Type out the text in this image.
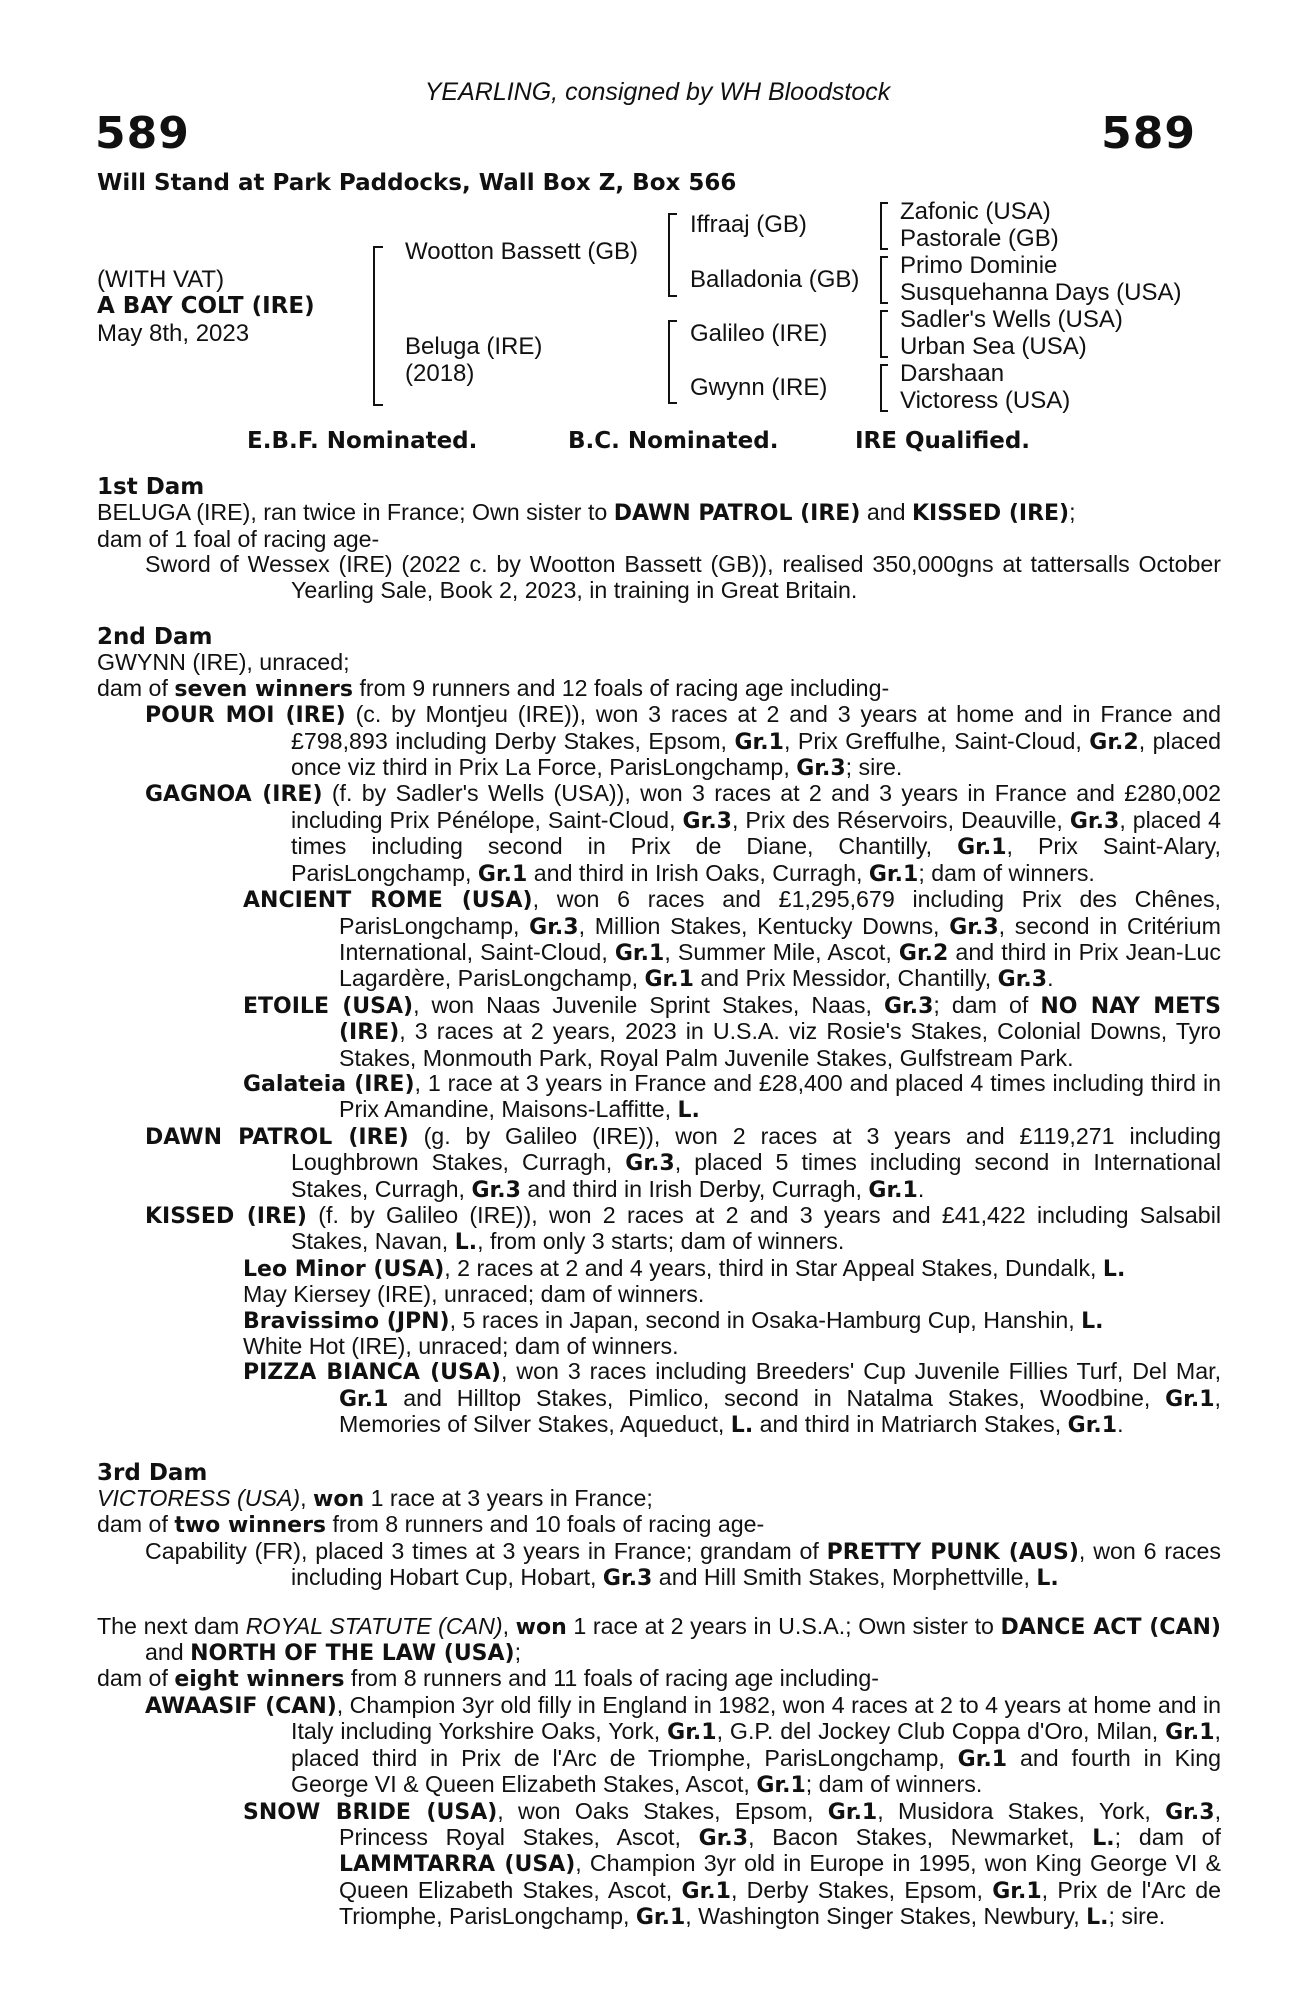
YEARLING, consigned by WH Bloodstock
589	589
Will Stand at Park Paddocks, Wall Box Z, Box 566
(WITH VAT)
A BAY COLT (IRE)
May 8th, 2023
Wootton Bassett (GB)
Beluga (IRE)
(2018)
Iffraaj (GB)
Balladonia (GB)
Galileo (IRE)
Gwynn (IRE)
Zafonic (USA)
Pastorale (GB)
Primo Dominie
Susquehanna Days (USA)
Sadler's Wells (USA)
Urban Sea (USA)
Darshaan
Victoress (USA)
E.B.F. Nominated.	B.C. Nominated.	IRE Qualified.
1st Dam
BELUGA (IRE), ran twice in France; Own sister to DAWN PATROL (IRE) and KISSED (IRE);
dam of 1 foal of racing age-
Sword of Wessex (IRE) (2022 c. by Wootton Bassett (GB)), realised 350,000gns at tattersalls October Yearling Sale, Book 2, 2023, in training in Great Britain.
2nd Dam
GWYNN (IRE), unraced;
dam of seven winners from 9 runners and 12 foals of racing age including-
POUR MOI (IRE) (c. by Montjeu (IRE)), won 3 races at 2 and 3 years at home and in France and £798,893 including Derby Stakes, Epsom, Gr.1, Prix Greffulhe, Saint-Cloud, Gr.2, placed once viz third in Prix La Force, ParisLongchamp, Gr.3; sire.
GAGNOA (IRE) (f. by Sadler's Wells (USA)), won 3 races at 2 and 3 years in France and £280,002 including Prix Pénélope, Saint-Cloud, Gr.3, Prix des Réservoirs, Deauville, Gr.3, placed 4 times including second in Prix de Diane, Chantilly, Gr.1, Prix Saint-Alary, ParisLongchamp, Gr.1 and third in Irish Oaks, Curragh, Gr.1; dam of winners.
ANCIENT ROME (USA), won 6 races and £1,295,679 including Prix des Chênes, ParisLongchamp, Gr.3, Million Stakes, Kentucky Downs, Gr.3, second in Critérium International, Saint-Cloud, Gr.1, Summer Mile, Ascot, Gr.2 and third in Prix Jean-Luc Lagardère, ParisLongchamp, Gr.1 and Prix Messidor, Chantilly, Gr.3.
ETOILE (USA), won Naas Juvenile Sprint Stakes, Naas, Gr.3; dam of NO NAY METS (IRE), 3 races at 2 years, 2023 in U.S.A. viz Rosie's Stakes, Colonial Downs, Tyro Stakes, Monmouth Park, Royal Palm Juvenile Stakes, Gulfstream Park.
Galateia (IRE), 1 race at 3 years in France and £28,400 and placed 4 times including third in Prix Amandine, Maisons-Laffitte, L.
DAWN PATROL (IRE) (g. by Galileo (IRE)), won 2 races at 3 years and £119,271 including Loughbrown Stakes, Curragh, Gr.3, placed 5 times including second in International Stakes, Curragh, Gr.3 and third in Irish Derby, Curragh, Gr.1.
KISSED (IRE) (f. by Galileo (IRE)), won 2 races at 2 and 3 years and £41,422 including Salsabil Stakes, Navan, L., from only 3 starts; dam of winners.
Leo Minor (USA), 2 races at 2 and 4 years, third in Star Appeal Stakes, Dundalk, L.
May Kiersey (IRE), unraced; dam of winners.
Bravissimo (JPN), 5 races in Japan, second in Osaka-Hamburg Cup, Hanshin, L.
White Hot (IRE), unraced; dam of winners.
PIZZA BIANCA (USA), won 3 races including Breeders' Cup Juvenile Fillies Turf, Del Mar, Gr.1 and Hilltop Stakes, Pimlico, second in Natalma Stakes, Woodbine, Gr.1, Memories of Silver Stakes, Aqueduct, L. and third in Matriarch Stakes, Gr.1.
3rd Dam
VICTORESS (USA), won 1 race at 3 years in France;
dam of two winners from 8 runners and 10 foals of racing age-
Capability (FR), placed 3 times at 3 years in France; grandam of PRETTY PUNK (AUS), won 6 races including Hobart Cup, Hobart, Gr.3 and Hill Smith Stakes, Morphettville, L.
The next dam ROYAL STATUTE (CAN), won 1 race at 2 years in U.S.A.; Own sister to DANCE ACT (CAN) and NORTH OF THE LAW (USA);
dam of eight winners from 8 runners and 11 foals of racing age including-
AWAASIF (CAN), Champion 3yr old filly in England in 1982, won 4 races at 2 to 4 years at home and in Italy including Yorkshire Oaks, York, Gr.1, G.P. del Jockey Club Coppa d'Oro, Milan, Gr.1, placed third in Prix de l'Arc de Triomphe, ParisLongchamp, Gr.1 and fourth in King George VI & Queen Elizabeth Stakes, Ascot, Gr.1; dam of winners.
SNOW BRIDE (USA), won Oaks Stakes, Epsom, Gr.1, Musidora Stakes, York, Gr.3, Princess Royal Stakes, Ascot, Gr.3, Bacon Stakes, Newmarket, L.; dam of LAMMTARRA (USA), Champion 3yr old in Europe in 1995, won King George VI & Queen Elizabeth Stakes, Ascot, Gr.1, Derby Stakes, Epsom, Gr.1, Prix de l'Arc de Triomphe, ParisLongchamp, Gr.1, Washington Singer Stakes, Newbury, L.; sire.
